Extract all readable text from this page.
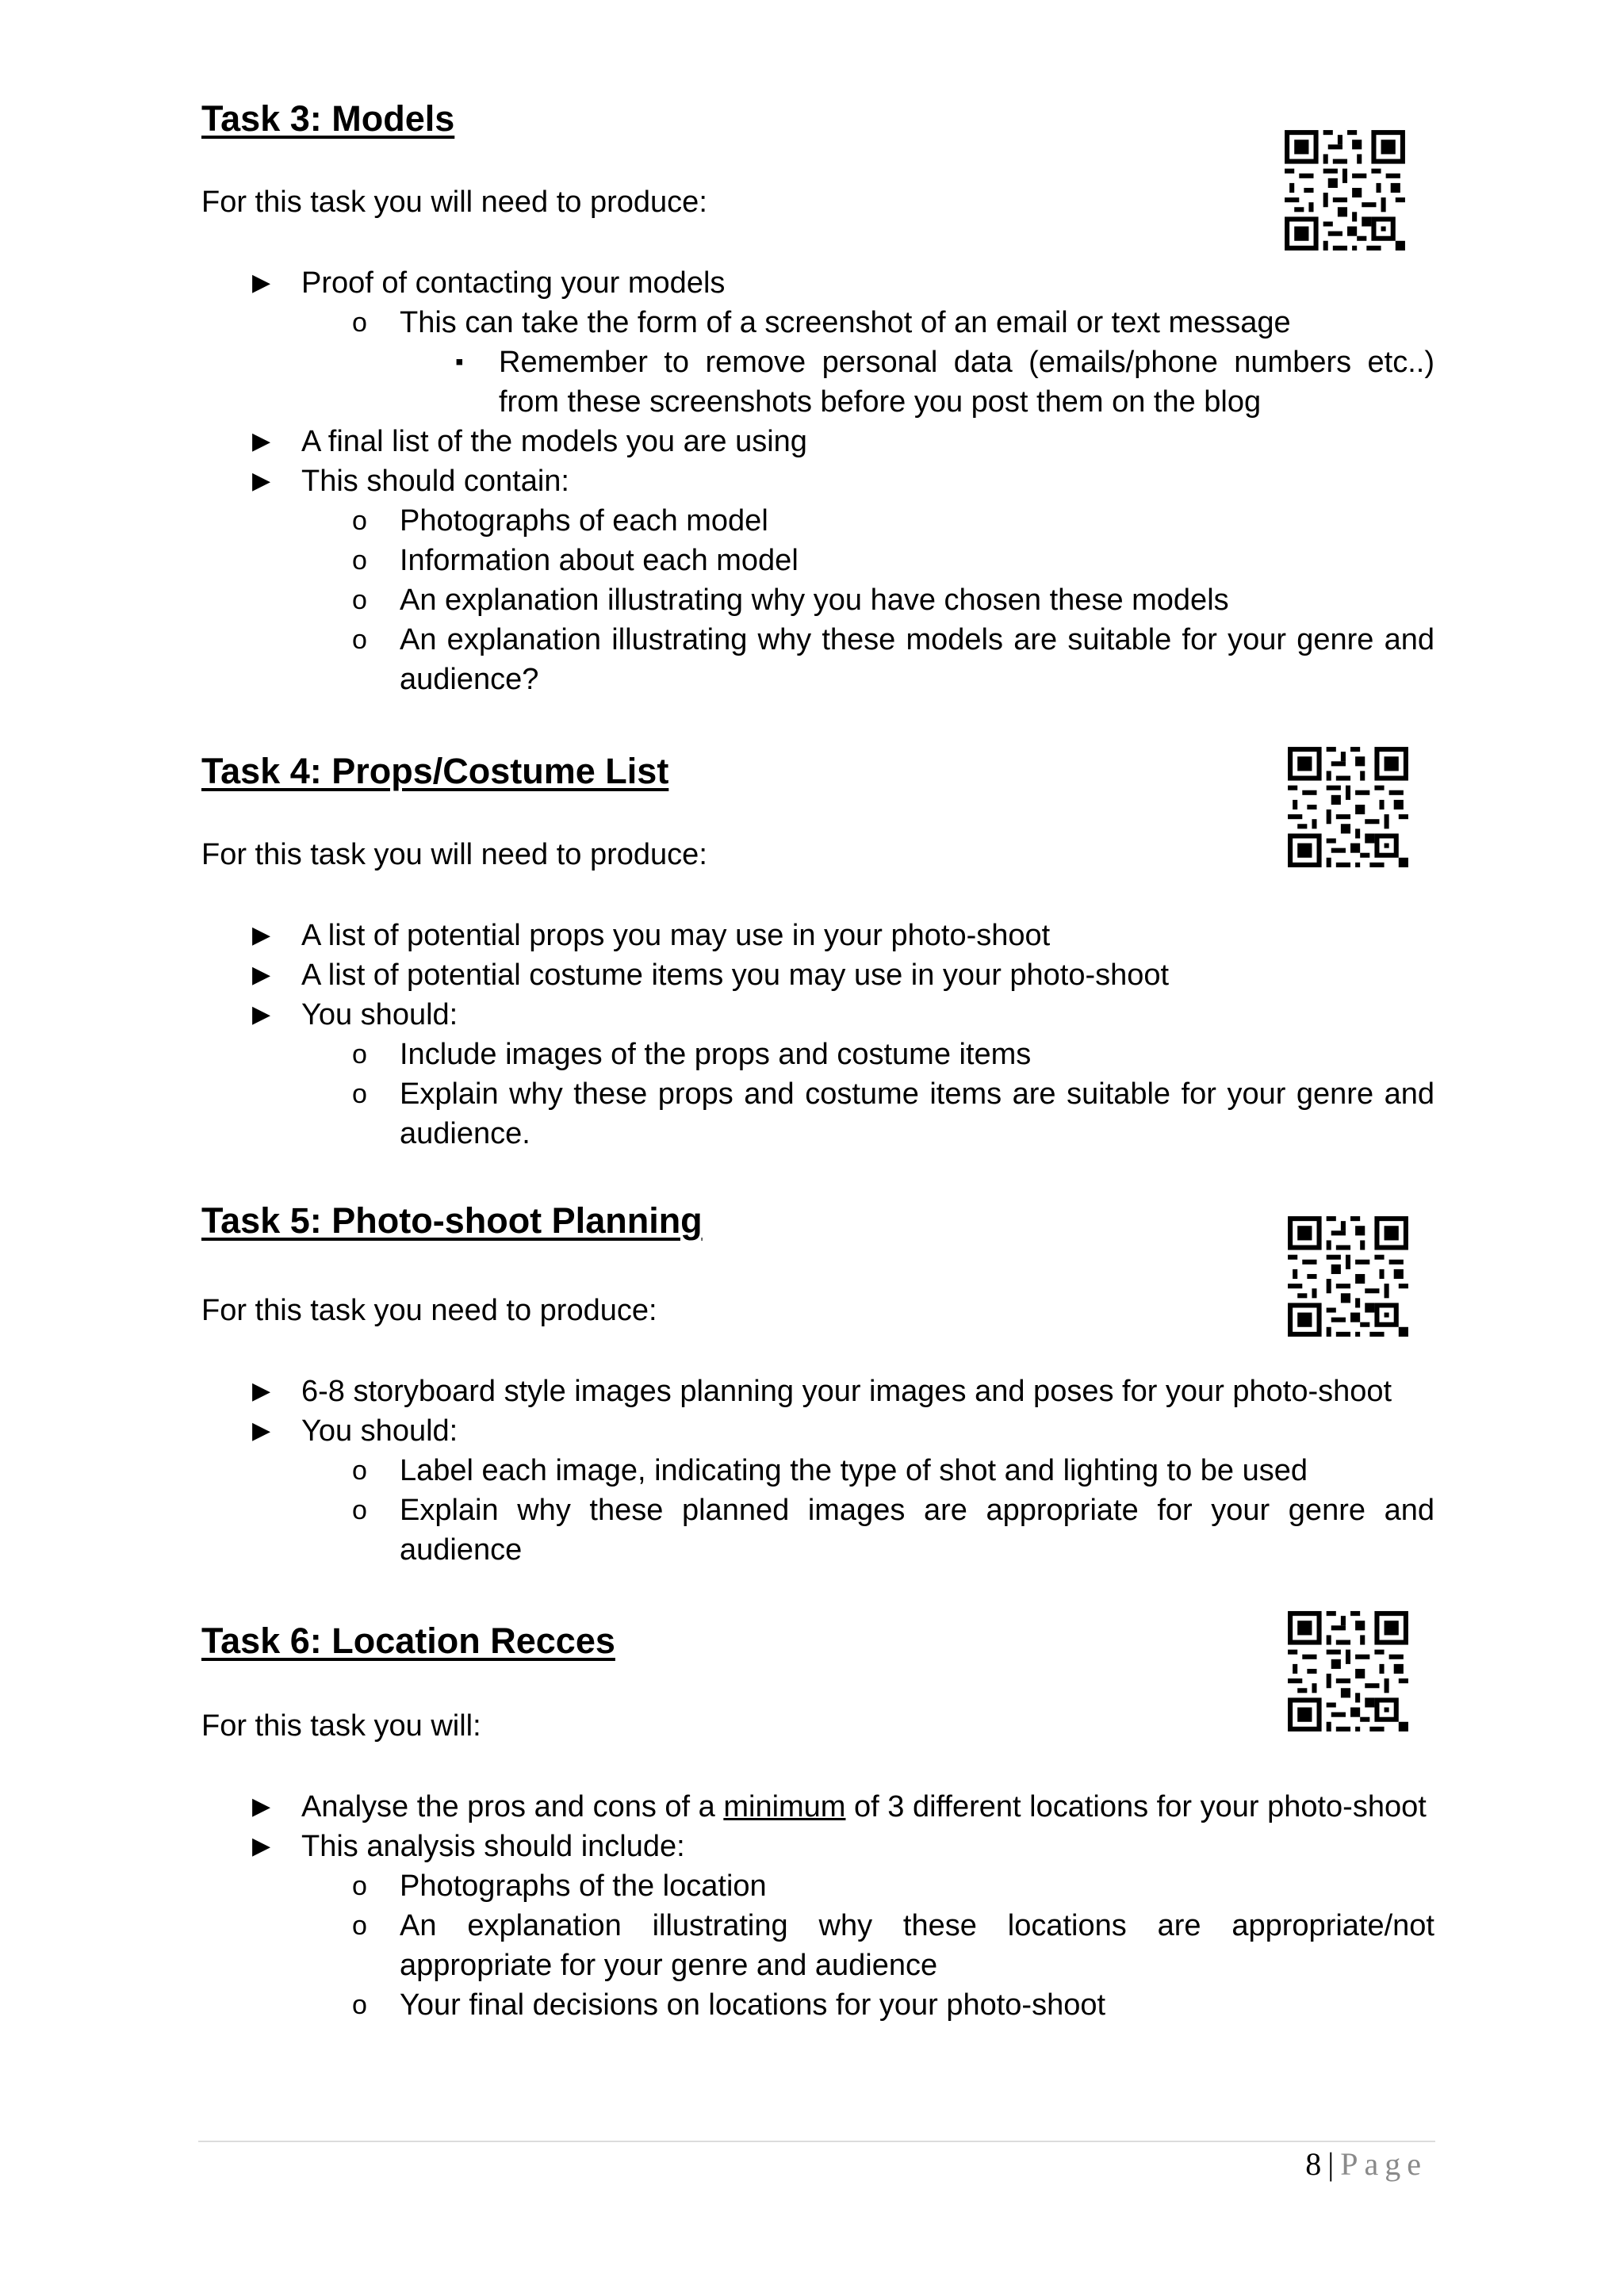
Task 3: Models

For this task you will need to produce:

▶ Proof of contacting your models
o This can take the form of a screenshot of an email or text message
▪ Remember to remove personal data (emails/phone numbers etc..) from these screenshots before you post them on the blog
▶ A final list of the models you are using
▶ This should contain:
o Photographs of each model
o Information about each model
o An explanation illustrating why you have chosen these models
o An explanation illustrating why these models are suitable for your genre and audience?
Task 4: Props/Costume List

For this task you will need to produce:

▶ A list of potential props you may use in your photo-shoot
▶ A list of potential costume items you may use in your photo-shoot
▶ You should:
o Include images of the props and costume items
o Explain why these props and costume items are suitable for your genre and audience.
Task 5: Photo-shoot Planning

For this task you need to produce:

▶ 6-8 storyboard style images planning your images and poses for your photo-shoot
▶ You should:
o Label each image, indicating the type of shot and lighting to be used
o Explain why these planned images are appropriate for your genre and audience
Task 6: Location Recces

For this task you will:

▶ Analyse the pros and cons of a minimum of 3 different locations for your photo-shoot
▶ This analysis should include:
o Photographs of the location
o An explanation illustrating why these locations are appropriate/not appropriate for your genre and audience
o Your final decisions on locations for your photo-shoot
8 | Page
